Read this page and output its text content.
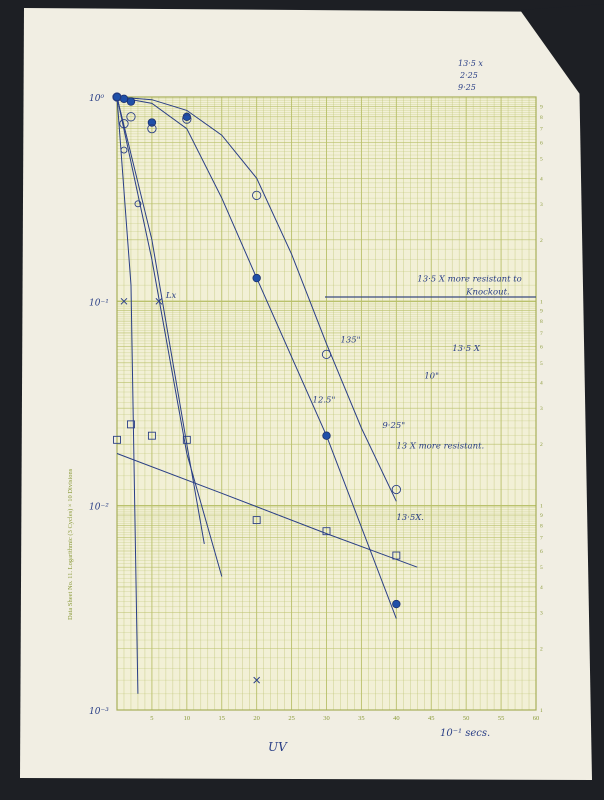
1
2
3
4
5
6
7
8
9
1
2
3
4
5
6
7
8
9
1
2
3
4
5
6
7
8
9
5	10	15	20	25	30	35	40	45	50	55	60
10⁰
10⁻¹
10⁻²
10⁻³
13·5 X more resistant to
Knockout.
13·5 X
10"
135"
12.5"
9·25"
13 X more resistant.
13·5X.
Lx
Data Sheet No. 11. Logarithmic (3 Cycles) × 10 Divisions
13·5 x
2·25
9·25
UV
10⁻¹ secs.
